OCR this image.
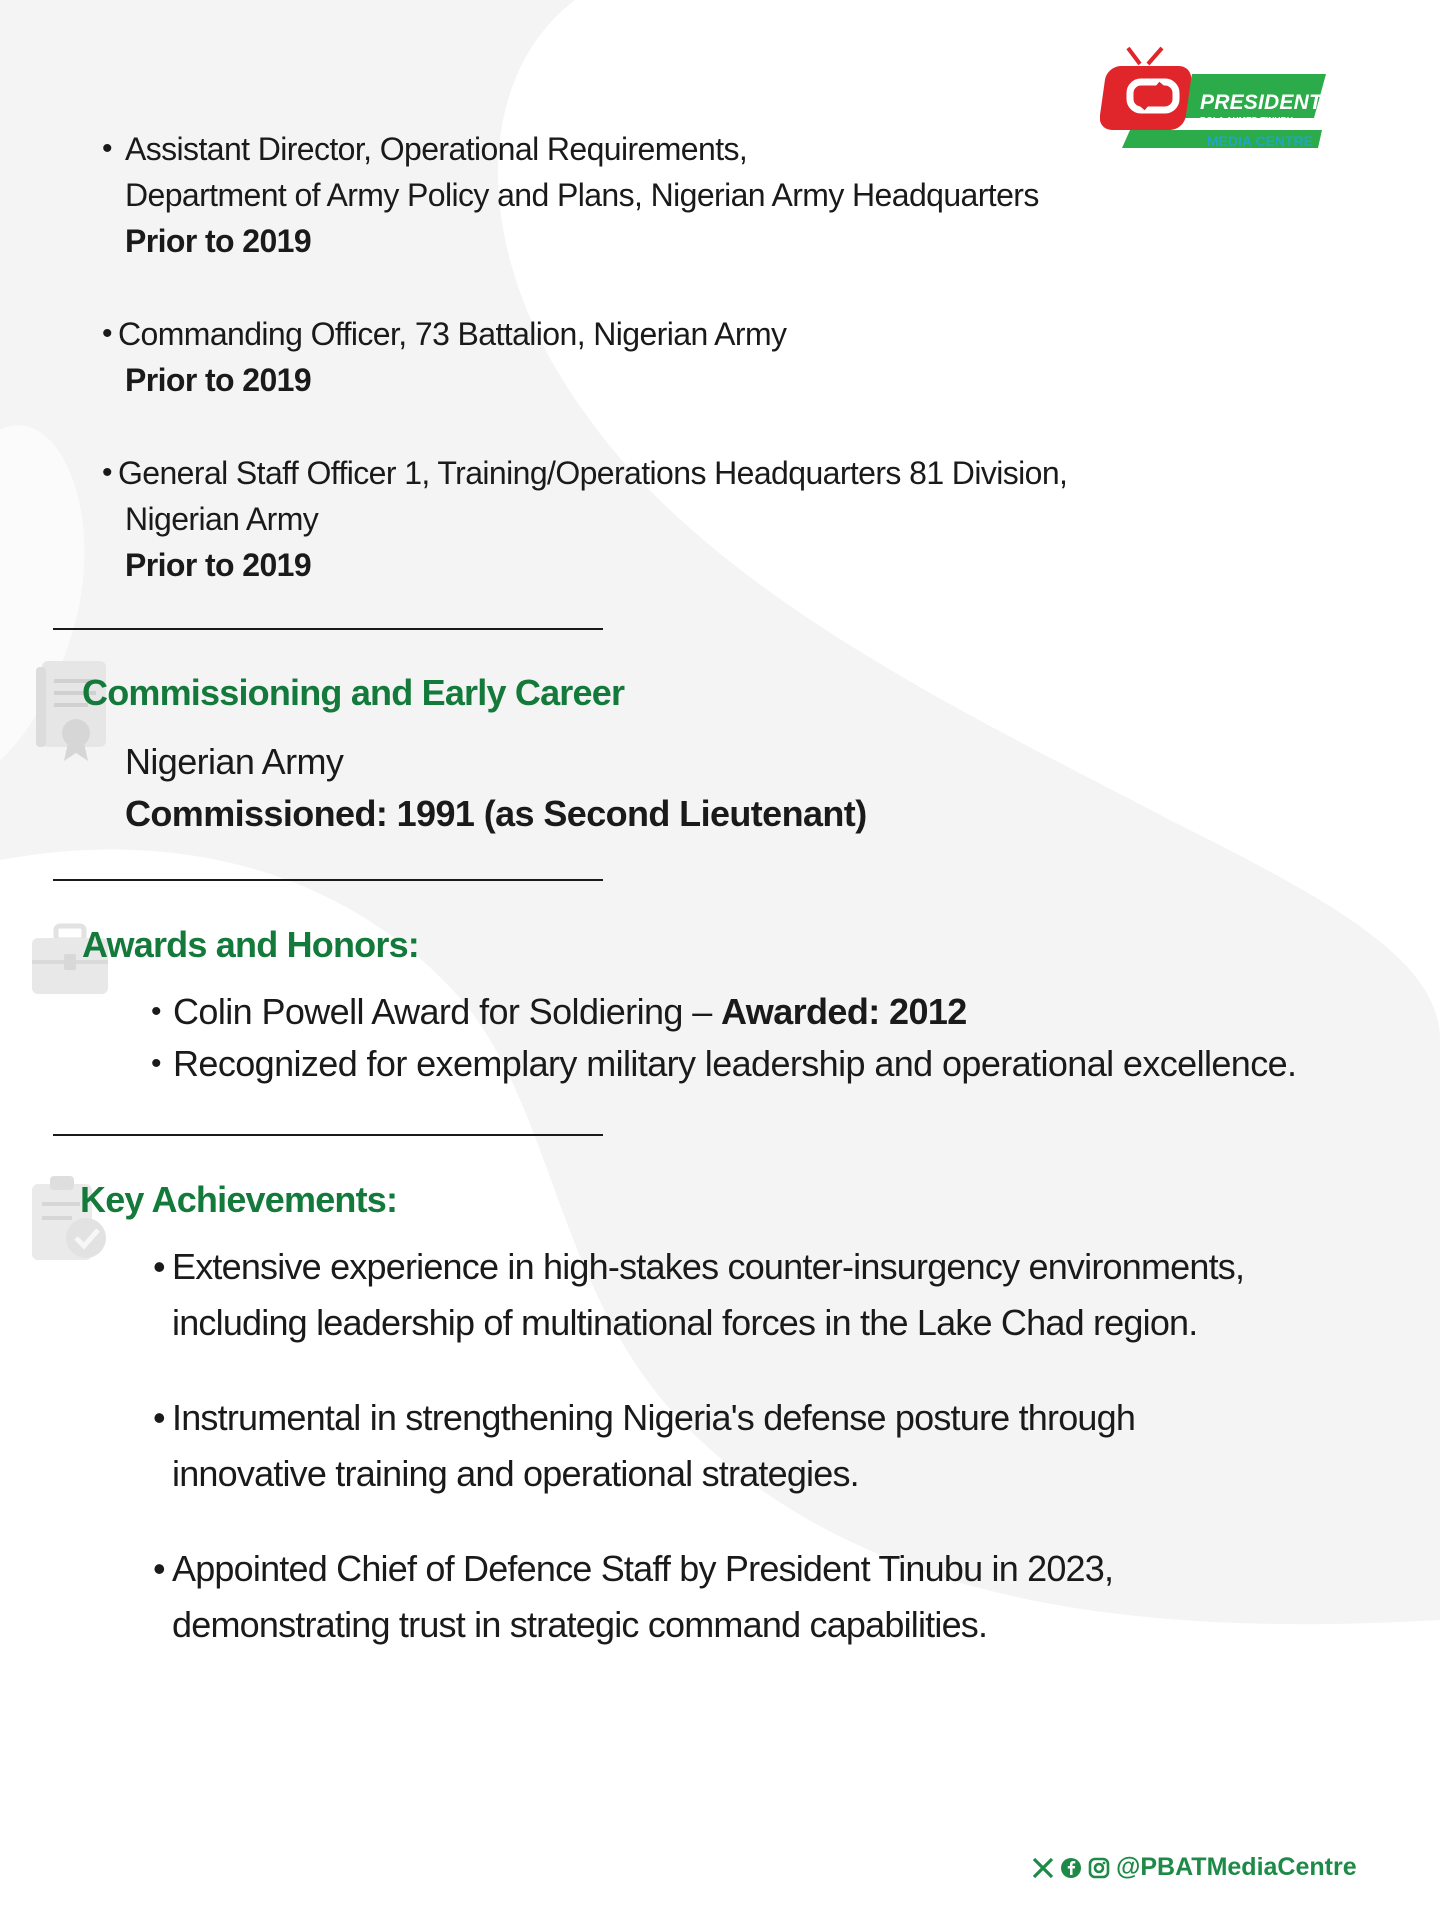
PRESIDENT
BOLA AHMED TINUBU
MEDIA CENTRE
• Assistant Director, Operational Requirements,
Department of Army Policy and Plans, Nigerian Army Headquarters
Prior to 2019
• Commanding Officer, 73 Battalion, Nigerian Army
Prior to 2019
• General Staff Officer 1, Training/Operations Headquarters 81 Division,
Nigerian Army
Prior to 2019
Commissioning and Early Career
Nigerian Army
Commissioned: 1991 (as Second Lieutenant)
Awards and Honors:
• Colin Powell Award for Soldiering – Awarded: 2012
• Recognized for exemplary military leadership and operational excellence.
Key Achievements:
• Extensive experience in high-stakes counter-insurgency environments,
including leadership of multinational forces in the Lake Chad region.
• Instrumental in strengthening Nigeria's defense posture through
innovative training and operational strategies.
• Appointed Chief of Defence Staff by President Tinubu in 2023,
demonstrating trust in strategic command capabilities.
@PBATMediaCentre
